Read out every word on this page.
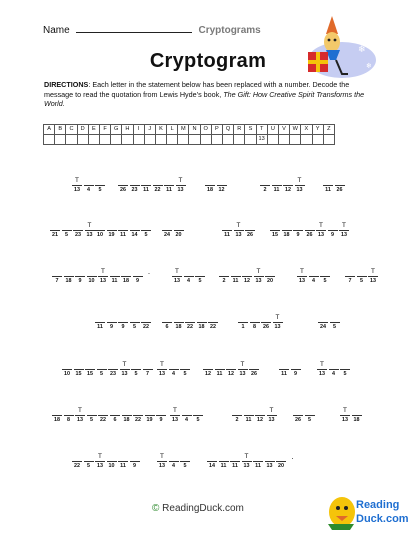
Name	Cryptograms
Cryptogram
❄
❄
DIRECTIONS: Each letter in the statement below has been replaced with a number. Decode the message to read the quotation from Lewis Hyde’s book, The Gift: How Creative Spirit Transforms the World.
A	B	C	D	E	F	G	H	I	J	K	L	M	N	O	P	Q	R	S	T	U	V	W	X	Y	Z
																			13						
T
13	4	5	26	23	11	22	11
T
13	18	12	2	11	12
T
13	11	26
21	5	23
T
13 10	19	11	14	5	24	20	11
T
13	26	15	18	9	26
T
13	9
T
13
7	18	9	10
T
13	11	18	9
.	T
13	4	5	2	11	12
T
13	20
T
13	4	5	7	5
T
13
11	9	9	5	22	6	18	22	18	22	1	8	26
T
13	24	5
10	15	15	5	23
T
13	5	7
T
13	4	5	12	11	12
T
13	26	11	9
T
13	4	5
18	8
T
13	5	22	6	18	22	19	9
T
13	4	5	2	11	12
T
13	26	5
T
13	18
22	5
T
13	10	11	9
T
13	4	5	14	11	11
T
13	11	13	20
.
© ReadingDuck.com	Reading
Duck.com
